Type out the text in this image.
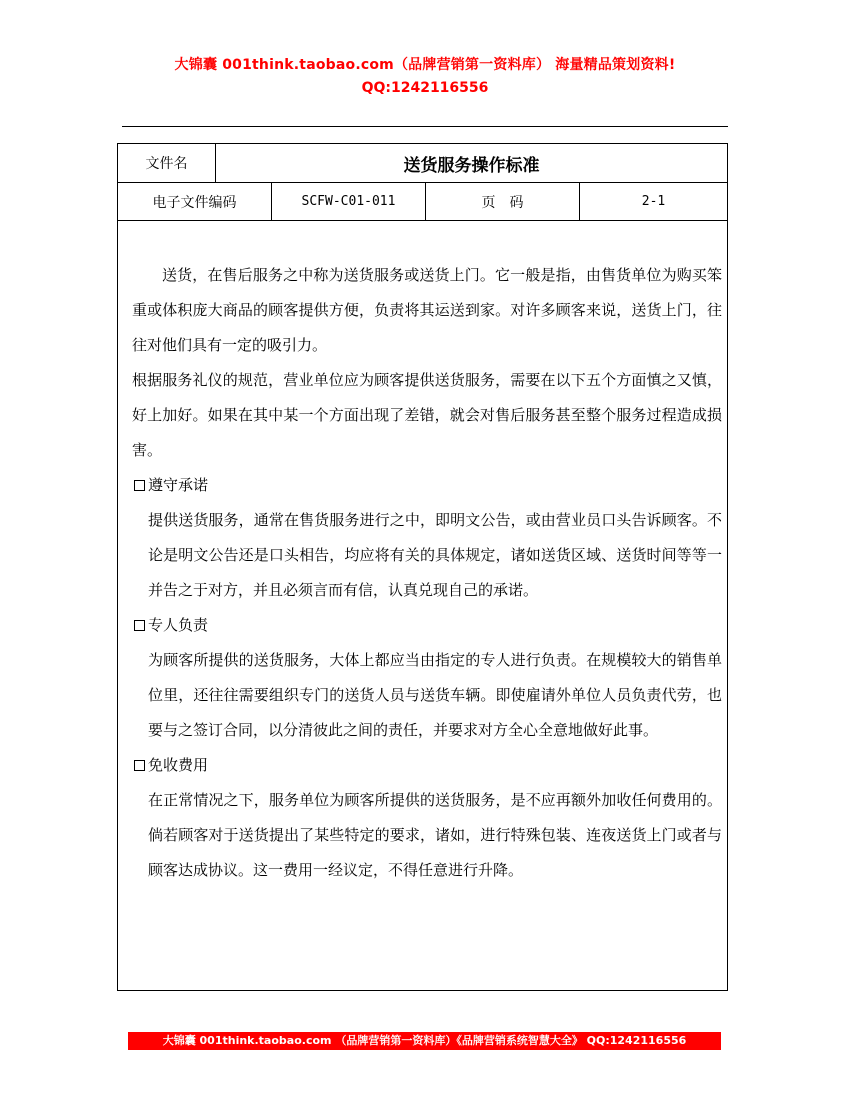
大锦囊 001think.taobao.com（品牌营销第一资料库） 海量精品策划资料!
QQ:1242116556
文件名	送货服务操作标准
电子文件编码	SCFW-C01-011	页码	2-1

送货，在售后服务之中称为送货服务或送货上门。它一般是指，由售货单位为购买笨重或体积庞大商品的顾客提供方便，负责将其运送到家。对许多顾客来说，送货上门，往往对他们具有一定的吸引力。

根据服务礼仪的规范，营业单位应为顾客提供送货服务，需要在以下五个方面慎之又慎，好上加好。如果在其中某一个方面出现了差错，就会对售后服务甚至整个服务过程造成损害。

遵守承诺

提供送货服务，通常在售货服务进行之中，即明文公告，或由营业员口头告诉顾客。不论是明文公告还是口头相告，均应将有关的具体规定，诸如送货区域、送货时间等等一并告之于对方，并且必须言而有信，认真兑现自己的承诺。

专人负责

为顾客所提供的送货服务，大体上都应当由指定的专人进行负责。在规模较大的销售单位里，还往往需要组织专门的送货人员与送货车辆。即使雇请外单位人员负责代劳，也要与之签订合同，以分清彼此之间的责任，并要求对方全心全意地做好此事。

免收费用

在正常情况之下，服务单位为顾客所提供的送货服务，是不应再额外加收任何费用的。倘若顾客对于送货提出了某些特定的要求，诸如，进行特殊包装、连夜送货上门或者与顾客达成协议。这一费用一经议定，不得任意进行升降。

大锦囊 001think.taobao.com （品牌营销第一资料库）《品牌营销系统智慧大全》 QQ:1242116556
